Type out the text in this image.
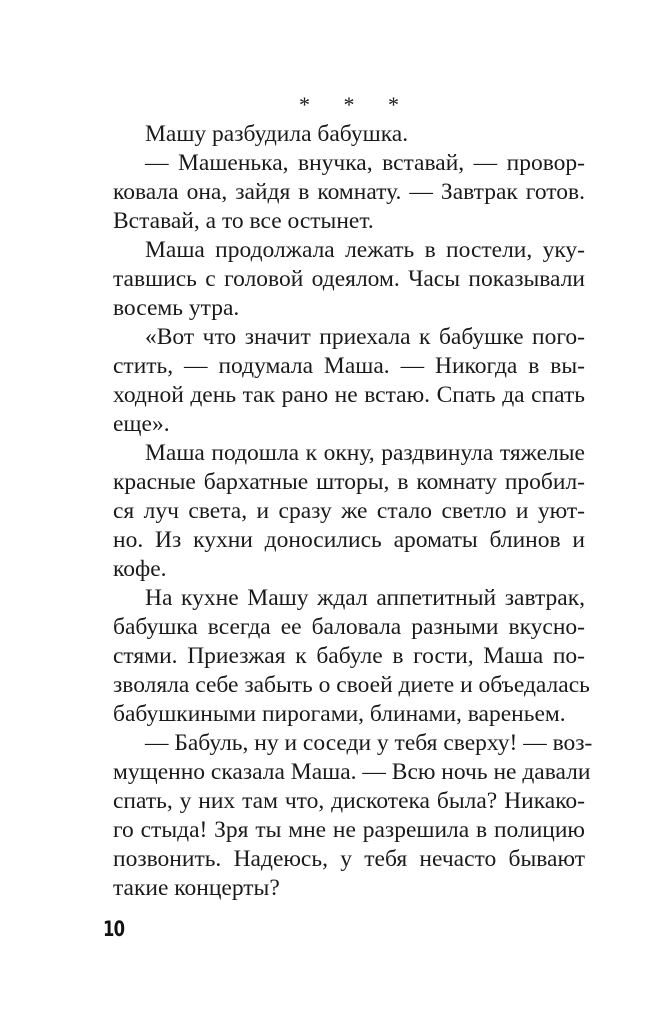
* * *
Машу разбудила бабушка.
— Машенька, внучка, вставай, — провор-
ковала она, зайдя в комнату. — Завтрак готов.
Вставай, а то все остынет.
Маша продолжала лежать в постели, уку-
тавшись с головой одеялом. Часы показывали
восемь утра.
«Вот что значит приехала к бабушке пого-
стить, — подумала Маша. — Никогда в вы-
ходной день так рано не встаю. Спать да спать
еще».
Маша подошла к окну, раздвинула тяжелые
красные бархатные шторы, в комнату пробил-
ся луч света, и сразу же стало светло и уют-
но. Из кухни доносились ароматы блинов и
кофе.
На кухне Машу ждал аппетитный завтрак,
бабушка всегда ее баловала разными вкусно-
стями. Приезжая к бабуле в гости, Маша по-
зволяла себе забыть о своей диете и объедалась
бабушкиными пирогами, блинами, вареньем.
— Бабуль, ну и соседи у тебя сверху! — воз-
мущенно сказала Маша. — Всю ночь не давали
спать, у них там что, дискотека была? Никако-
го стыда! Зря ты мне не разрешила в полицию
позвонить. Надеюсь, у тебя нечасто бывают
такие концерты?
10
